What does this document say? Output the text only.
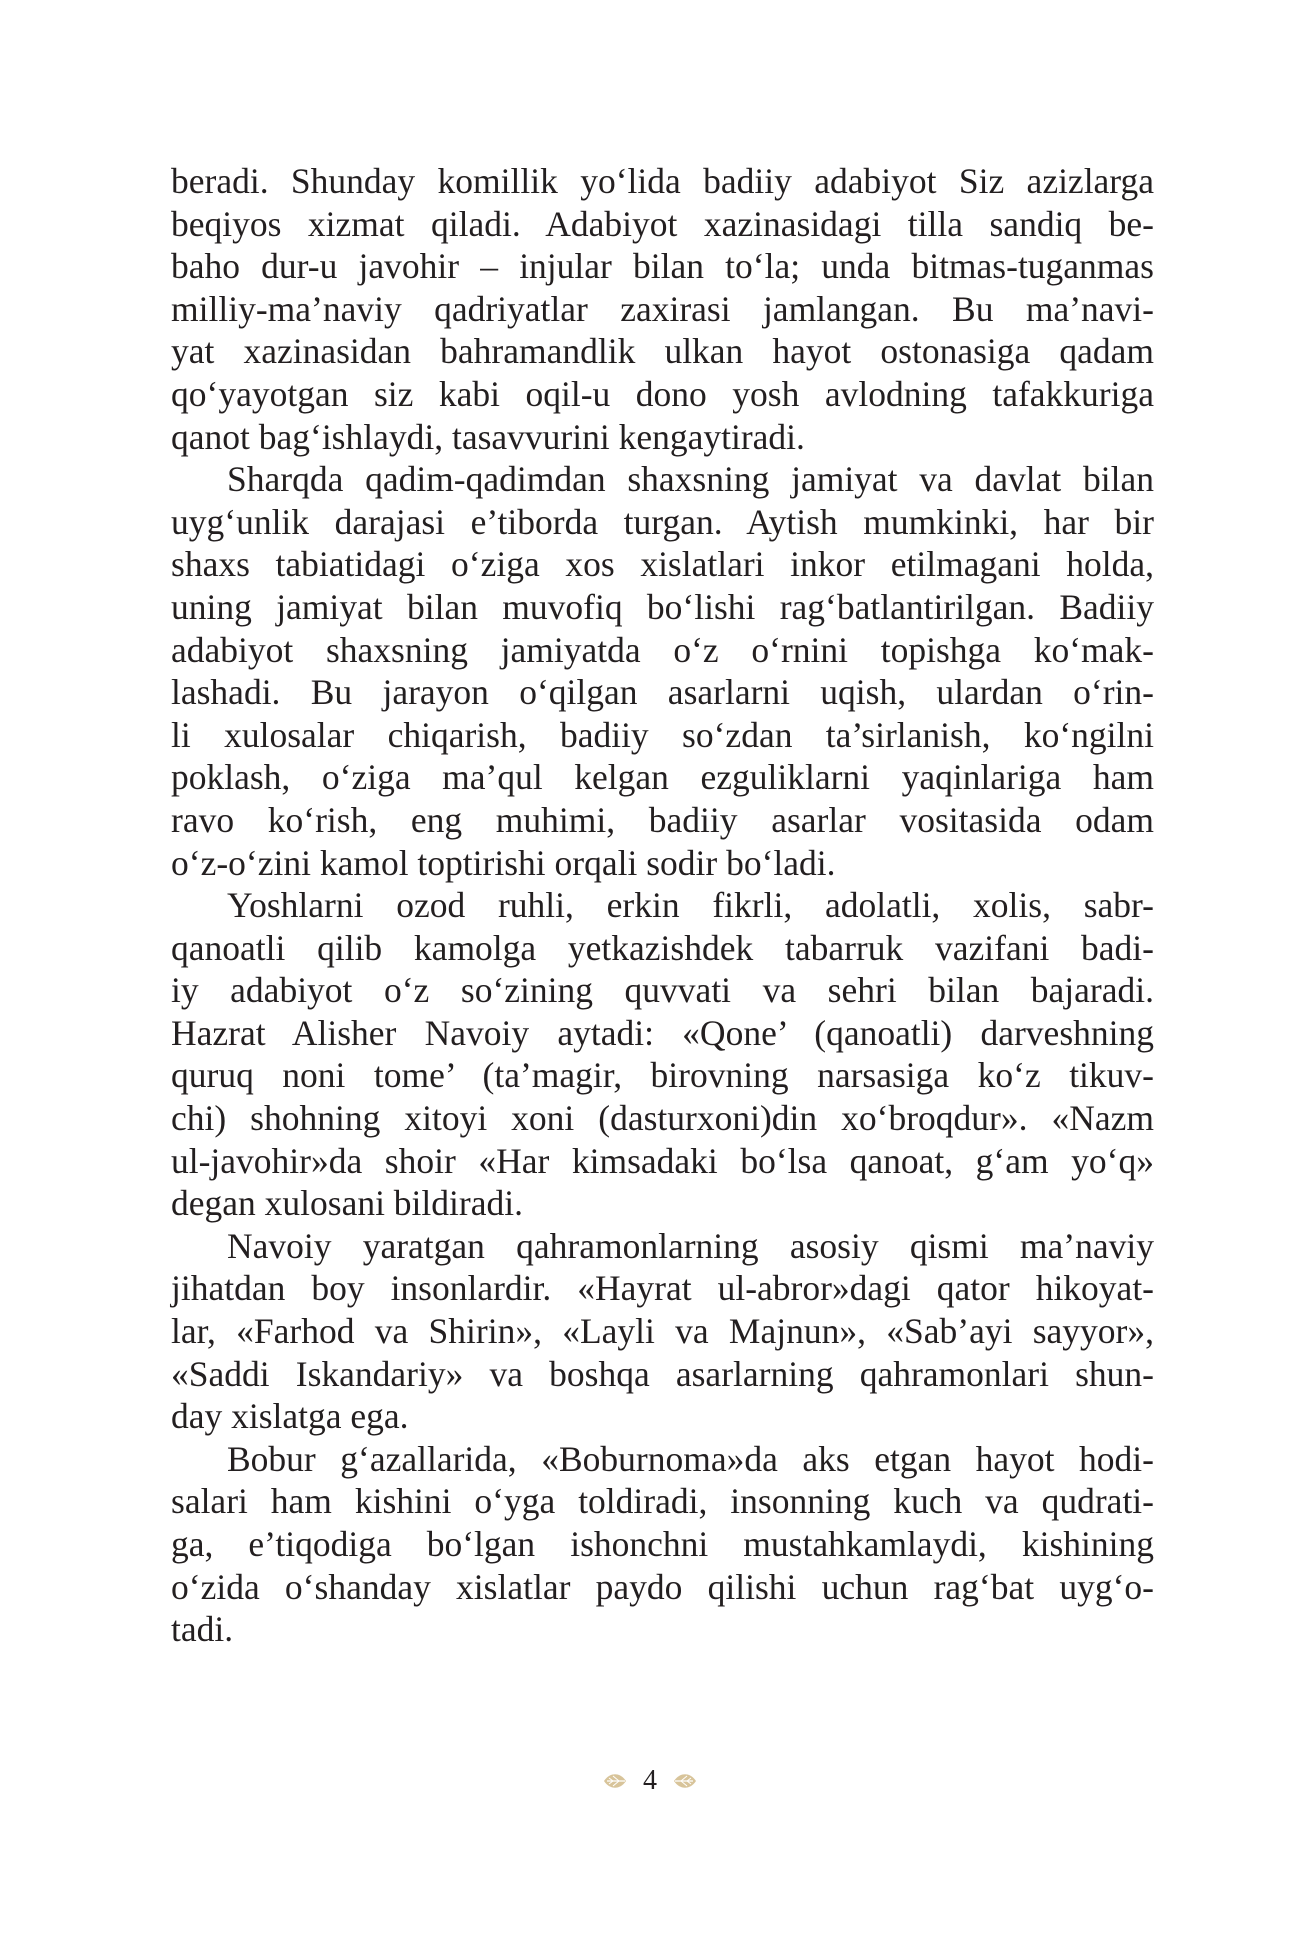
beradi. Shunday komillik yo‘lida badiiy adabiyot Siz azizlarga
beqiyos xizmat qiladi. Adabiyot xazinasidagi tilla sandiq be-
baho dur-u javohir – injular bilan to‘la; unda bitmas-tuganmas
milliy-ma’naviy qadriyatlar zaxirasi jamlangan. Bu ma’navi-
yat xazinasidan bahramandlik ulkan hayot ostonasiga qadam
qo‘yayotgan siz kabi oqil-u dono yosh avlodning tafakkuriga
qanot bag‘ishlaydi, tasavvurini kengaytiradi.

Sharqda qadim-qadimdan shaxsning jamiyat va davlat bilan
uyg‘unlik darajasi e’tiborda turgan. Aytish mumkinki, har bir
shaxs tabiatidagi o‘ziga xos xislatlari inkor etilmagani holda,
uning jamiyat bilan muvofiq bo‘lishi rag‘batlantirilgan. Badiiy
adabiyot shaxsning jamiyatda o‘z o‘rnini topishga ko‘mak-
lashadi. Bu jarayon o‘qilgan asarlarni uqish, ulardan o‘rin-
li xulosalar chiqarish, badiiy so‘zdan ta’sirlanish, ko‘ngilni
poklash, o‘ziga ma’qul kelgan ezguliklarni yaqinlariga ham
ravo ko‘rish, eng muhimi, badiiy asarlar vositasida odam
o‘z-o‘zini kamol toptirishi orqali sodir bo‘ladi.

Yoshlarni ozod ruhli, erkin fikrli, adolatli, xolis, sabr-
qanoatli qilib kamolga yetkazishdek tabarruk vazifani badi-
iy adabiyot o‘z so‘zining quvvati va sehri bilan bajaradi.
Hazrat Alisher Navoiy aytadi: «Qone’ (qanoatli) darveshning
quruq noni tome’ (ta’magir, birovning narsasiga ko‘z tikuv-
chi) shohning xitoyi xoni (dasturxoni)din xo‘broqdur». «Nazm
ul-javohir»da shoir «Har kimsadaki bo‘lsa qanoat, g‘am yo‘q»
degan xulosani bildiradi.

Navoiy yaratgan qahramonlarning asosiy qismi ma’naviy
jihatdan boy insonlardir. «Hayrat ul-abror»dagi qator hikoyat-
lar, «Farhod va Shirin», «Layli va Majnun», «Sab’ayi sayyor»,
«Saddi Iskandariy» va boshqa asarlarning qahramonlari shun-
day xislatga ega.

Bobur g‘azallarida, «Boburnoma»da aks etgan hayot hodi-
salari ham kishini o‘yga toldiradi, insonning kuch va qudrati-
ga, e’tiqodiga bo‘lgan ishonchni mustahkamlaydi, kishining
o‘zida o‘shanday xislatlar paydo qilishi uchun rag‘bat uyg‘o-
tadi.

4
